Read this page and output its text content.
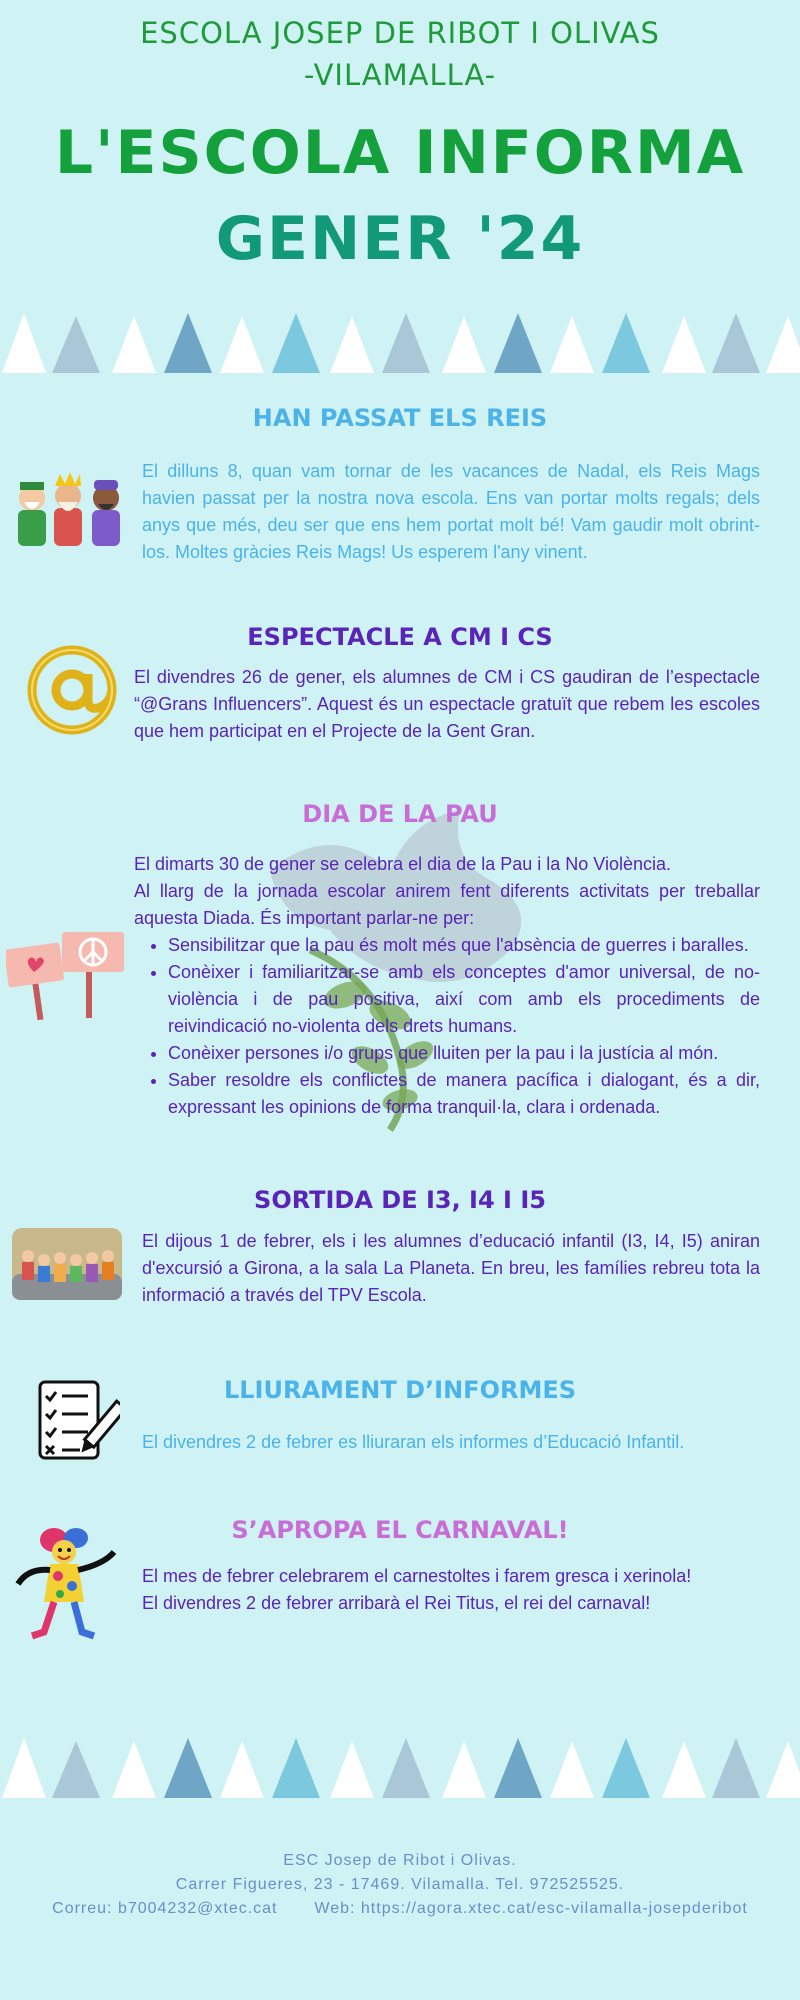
ESCOLA JOSEP DE RIBOT I OLIVAS
-VILAMALLA-
L'ESCOLA INFORMA
GENER '24
HAN PASSAT ELS REIS

El dilluns 8, quan vam tornar de les vacances de Nadal, els Reis Mags havien passat per la nostra nova escola. Ens van portar molts regals; dels anys que més, deu ser que ens hem portat molt bé! Vam gaudir molt obrint-los. Moltes gràcies Reis Mags! Us esperem l'any vinent.

ESPECTACLE A CM I CS

El divendres 26 de gener, els alumnes de CM i CS gaudiran de l’espectacle “@Grans Influencers”. Aquest és un espectacle gratuït que rebem les escoles que hem participat en el Projecte de la Gent Gran.

DIA DE LA PAU

El dimarts 30 de gener se celebra el dia de la Pau i la No Violència.

Al llarg de la jornada escolar anirem fent diferents activitats per treballar aquesta Diada. És important parlar-ne per:

• Sensibilitzar que la pau és molt més que l'absència de guerres i baralles.
• Conèixer i familiaritzar-se amb els conceptes d'amor universal, de no-violència i de pau positiva, així com amb els procediments de reivindicació no-violenta dels drets humans.
• Conèixer persones i/o grups que lluiten per la pau i la justícia al món.
• Saber resoldre els conflictes de manera pacífica i dialogant, és a dir, expressant les opinions de forma tranquil·la, clara i ordenada.
SORTIDA DE I3, I4 I I5

El dijous 1 de febrer, els i les alumnes d’educació infantil (I3, I4, I5) aniran d'excursió a Girona, a la sala La Planeta. En breu, les famílies rebreu tota la informació a través del TPV Escola.

LLIURAMENT D’INFORMES

El divendres 2 de febrer es lliuraran els informes d’Educació Infantil.

S’APROPA EL CARNAVAL!

El mes de febrer celebrarem el carnestoltes i farem gresca i xerinola!

El divendres 2 de febrer arribarà el Rei Titus, el rei del carnaval!

ESC Josep de Ribot i Olivas.
Carrer Figueres, 23 - 17469. Vilamalla. Tel. 972525525.
Correu: b7004232@xtec.cat Web: https://agora.xtec.cat/esc-vilamalla-josepderibot
